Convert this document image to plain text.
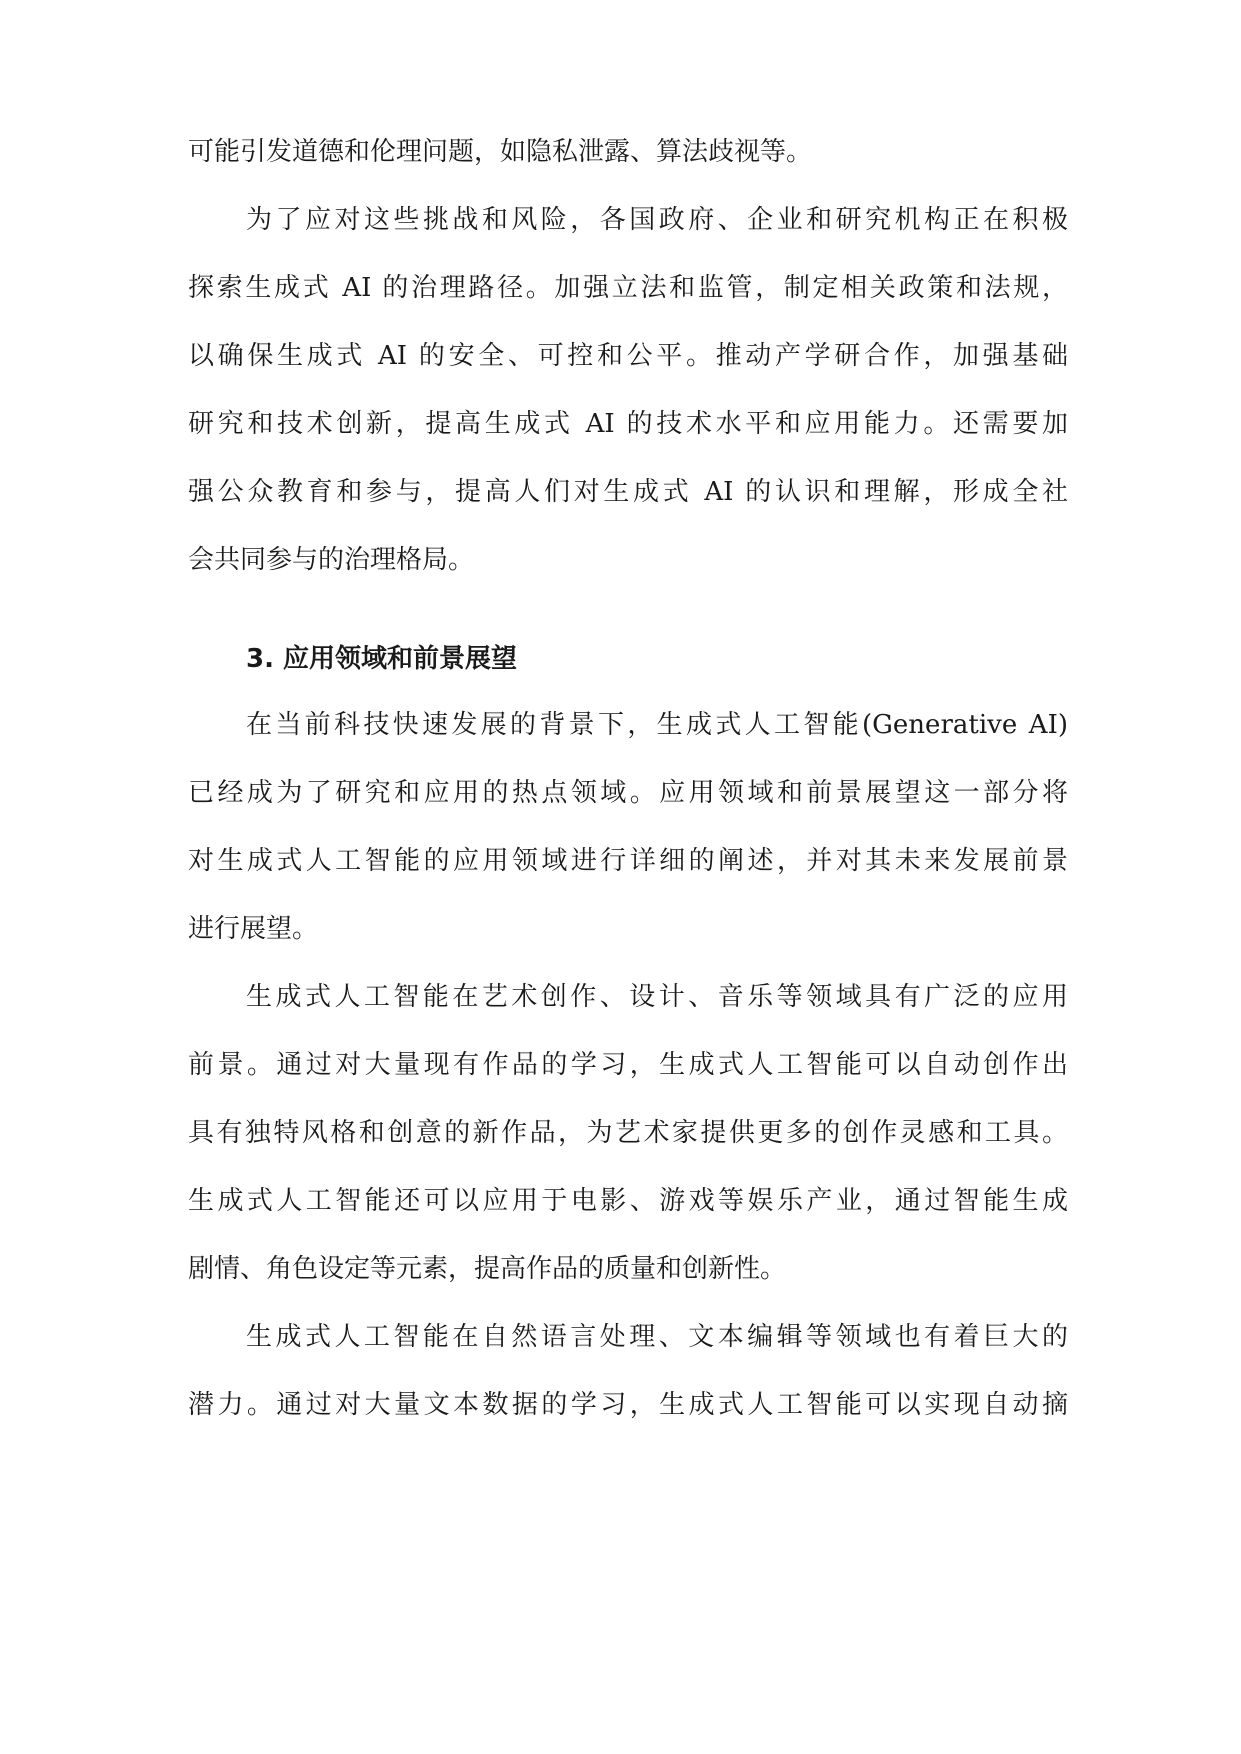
可能引发道德和伦理问题，如隐私泄露、算法歧视等。
为了应对这些挑战和风险，各国政府、企业和研究机构正在积极
探索生成式 AI 的治理路径。加强立法和监管，制定相关政策和法规，
以确保生成式 AI 的安全、可控和公平。推动产学研合作，加强基础
研究和技术创新，提高生成式 AI 的技术水平和应用能力。还需要加
强公众教育和参与，提高人们对生成式 AI 的认识和理解，形成全社
会共同参与的治理格局。
3. 应用领域和前景展望
在当前科技快速发展的背景下，生成式人工智能(Generative AI)
已经成为了研究和应用的热点领域。应用领域和前景展望这一部分将
对生成式人工智能的应用领域进行详细的阐述，并对其未来发展前景
进行展望。
生成式人工智能在艺术创作、设计、音乐等领域具有广泛的应用
前景。通过对大量现有作品的学习，生成式人工智能可以自动创作出
具有独特风格和创意的新作品，为艺术家提供更多的创作灵感和工具。
生成式人工智能还可以应用于电影、游戏等娱乐产业，通过智能生成
剧情、角色设定等元素，提高作品的质量和创新性。
生成式人工智能在自然语言处理、文本编辑等领域也有着巨大的
潜力。通过对大量文本数据的学习，生成式人工智能可以实现自动摘
